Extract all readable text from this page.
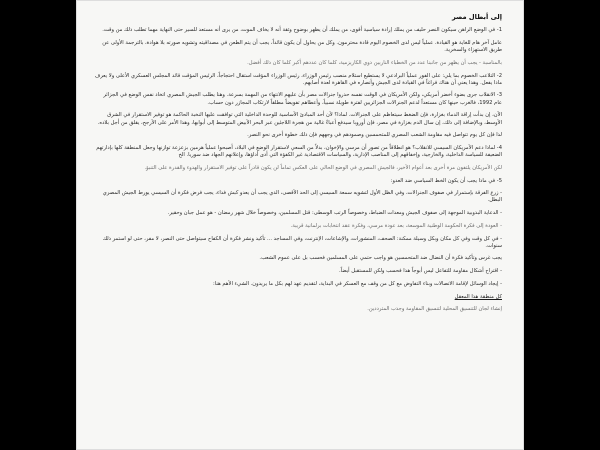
إلى أبطال مصر

1- في الوضع الراهن سيكون النصر حليف من يملك إرادة سياسية أقوى، من يملك أن يظهر بوضوح وثقة أنه لا يخاف الموت، من يرى أنه مستعد للسير حتى النهاية مهما تطلب ذلك من وقت.

عامل آخر هام للغاية هو القيادة. عملياً ليس لدى الخصوم اليوم قادة محترمون. وكل من يحاول أن يكون قائداً، يجب أن يتم الطعن في مصداقيته وتشويه صورته بلا هوادة، بالترجمة الأولى عن طريق الاستهزاء والسخرية.

بالمناسبة - يجب أن يظهر من جانبنا عدد من الخطباء الناريين ذوي الكاريزمية، كلما كان عددهم أكبر كلما كان ذلك أفضل.

2- التلاعب الخصوم بما يلي: على الفور عملياً البرادعي لا يستطيع استلام منصب رئيس الوزراء، رئيس الوزراء المؤقت استقال احتجاجاً، الرئيس المؤقت قائد المجلس العسكري الأعلى ولا يعرف ماذا يفعل. وهذا يعني أن هناك فراغاً في القيادة لدى الجيش وأنصاره في القاهرة لعدة أصابهم.

3- الانقلاب جرى بضوء أخضر أمريكي، ولكن الأمريكان في الوقت نفسه حذروا جنرالات مصر بأن عليهم الانتهاء من المهمة بسرعة. وهنا يطلب الجيش المصري اتخاذ نفس الوضع في الجزائر عام 1992، فالغرب حينها كان مستعداً لدعم الجنرالات الجزائريين لفترة طويلة نسبياً، وأعطاهم تفويضاً مطلقاً لارتكاب المجازر دون حساب.

الآن، إن بدأت إراقة الدماء بغزارة، فإن الضغط سيتعاظم على الجنرالات. لماذا؟ لأن أحد المبادئ الأساسية للوحدة الداخلية التي توافقت عليها النخبة الحاكمة هو توفير الاستقرار في الشرق الأوسط، وبالإضافة إلى ذلك، إن سال الدم بغزارة في مصر، فإن أوروبا سيدفع أعباءً غالية من هجرة اللاجئين عبر البحر الأبيض المتوسط إلى أبوابها، وهذا الأمر على الأرجح، يقلق من أجل بلاده.

لذا فإن كل يوم تتواصل فيه مقاومة الشعب المصري للمتحمسين وصمودهم في وجههم فإن ذلك خطوة أخرى نحو النصر.

4- لماذا دعم الأمريكان السيسي للانقلاب؟ هو انطلاقاً من تصور أن مرسي والإخوان، بدلاً من السعي لاستقرار الوضع في البلاد، أصبحوا عملياً هرمين بزعزعة توازنها وجعل المنطقة كلها بإدارتهم الضعيفة للسياسة الداخلية، والخارجية، وإخفاقهم إلى المناصب الإدارية، والسياسات الاقتصادية غير الكفؤة التي أدى أداؤها، وإعلانهم الجهاد ضد سوريا. الخ

لكن الأمريكان يلتفون مرة أخرى بعد أعوام الأخير، فالجيش المصري في الوضع الحالي على العكس تماماً لن يكون قادراً على توفير الاستقرار والهدوء والقدرة على التنبؤ.

5- في ماذا يجب أن يكون الخط السياسي ضد العدو:

- زرع الفرقة بإستمرار في صفوف الجنرالات، وفي الظل الأول لتشويه سمعة السيسي إلى الحد الأقصى، الذي يجب أن يعدو كبش فداء، يجب فرض فكرة أن السيسي يورط الجيش المصري البطل.

- الدعاية البذوبية الموجهة إلى صفوف الجيش ومعدات الضباط، وخصوصاً الرتب الوسطى: قتل المسلمين، وخصوصاً خلال شهر رمضان - هو عمل جبان وحقير.

- العودة إلى فكرة الحكومة الوطنية الموسعة، بعد عودة مرسي، وفكرة عقد انتخابات برلمانية قريبة.

- في كل وقت وفي كل مكان وبكل وسيلة ممكنة: الصحف، المنشورات، والإشاعات، الإنترنت، وفي المساجد ... تأكيد ونشر فكرة أن الكفاح سيتواصل حتى النصر، لا مفر، حتى لو استمر ذلك سنوات.

يجب غرس وتأكيد فكرة أن النضال ضد المتحمسين هو واجب حتمي على المسلمين فحسب بل على عموم الشعب.

- اقتراح أشكال مقاومة للتفاعل ليس أبوجاً هذا فحسب ولكن للمستقبل أيضاً.

- إيجاد الوسائل لإقامة الاتصالات وبناء التفاوض مع كل من وقف مع العسكر في البداية، لتقديم عهد لهم بكل ما يريدون. الشيء الأهم هنا:

كل منطقة هذا المعقل

إنشاء لجان للتنسيق المحلية لتنسيق المقاومة وجذب المترددين.
